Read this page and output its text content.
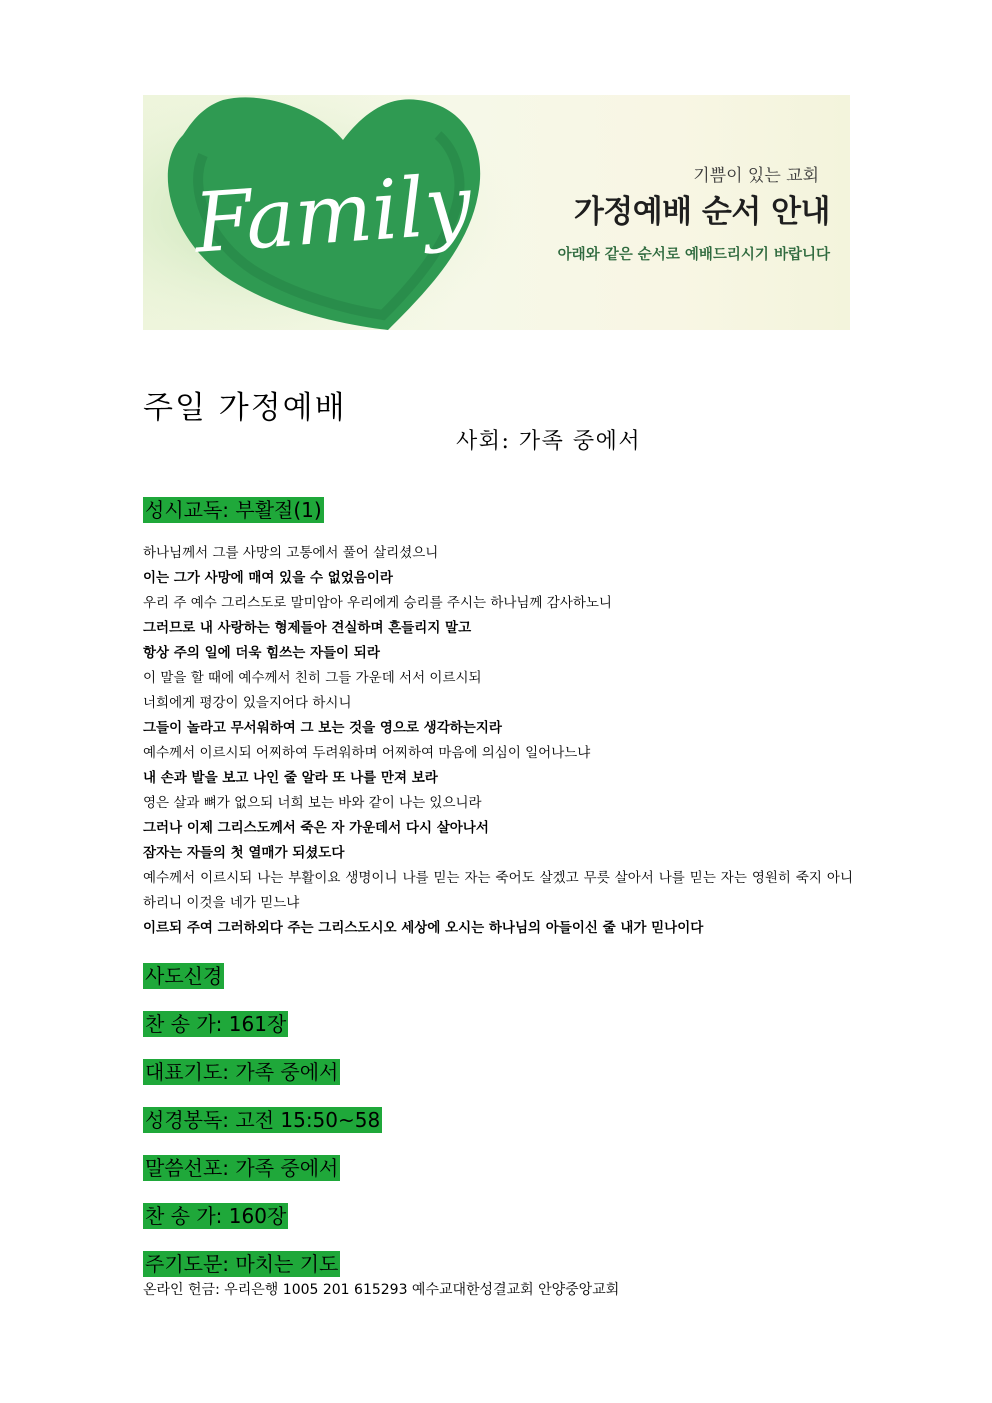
Family	기쁨이 있는 교회
가정예배 순서 안내
아래와 같은 순서로 예배드리시기 바랍니다
주일 가정예배
사회: 가족 중에서
성시교독: 부활절(1)
하나님께서 그를 사망의 고통에서 풀어 살리셨으니
이는 그가 사망에 매여 있을 수 없었음이라
우리 주 예수 그리스도로 말미암아 우리에게 승리를 주시는 하나님께 감사하노니
그러므로 내 사랑하는 형제들아 견실하며 흔들리지 말고
항상 주의 일에 더욱 힘쓰는 자들이 되라
이 말을 할 때에 예수께서 친히 그들 가운데 서서 이르시되
너희에게 평강이 있을지어다 하시니
그들이 놀라고 무서워하여 그 보는 것을 영으로 생각하는지라
예수께서 이르시되 어찌하여 두려워하며 어찌하여 마음에 의심이 일어나느냐
내 손과 발을 보고 나인 줄 알라 또 나를 만져 보라
영은 살과 뼈가 없으되 너희 보는 바와 같이 나는 있으니라
그러나 이제 그리스도께서 죽은 자 가운데서 다시 살아나서
잠자는 자들의 첫 열매가 되셨도다
예수께서 이르시되 나는 부활이요 생명이니 나를 믿는 자는 죽어도 살겠고 무릇 살아서 나를 믿는 자는 영원히 죽지 아니하리니 이것을 네가 믿느냐
이르되 주여 그러하외다 주는 그리스도시오 세상에 오시는 하나님의 아들이신 줄 내가 믿나이다
사도신경
찬 송 가: 161장
대표기도: 가족 중에서
성경봉독: 고전 15:50~58
말씀선포: 가족 중에서
찬 송 가: 160장
주기도문: 마치는 기도
온라인 헌금: 우리은행 1005 201 615293 예수교대한성결교회 안양중앙교회
